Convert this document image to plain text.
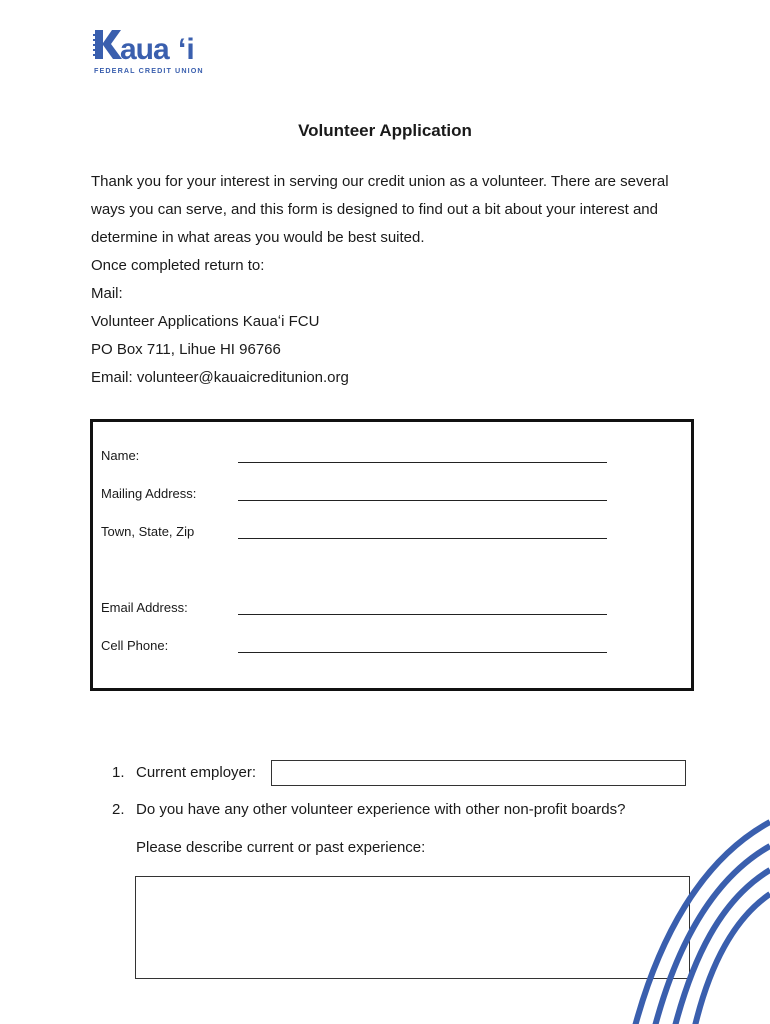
aua ʻi
FEDERAL CREDIT UNION
Volunteer Application

Thank you for your interest in serving our credit union as a volunteer. There are several ways you can serve, and this form is designed to find out a bit about your interest and determine in what areas you would be best suited.

Once completed return to:

Mail:

Volunteer Applications Kauaʻi FCU

PO Box 711, Lihue HI 96766

Email: volunteer@kauaicreditunion.org

Name:
Mailing Address:
Town, State, Zip
Email Address:
Cell Phone:
1. Current employer:
2. Do you have any other volunteer experience with other non-profit boards?
Please describe current or past experience:
